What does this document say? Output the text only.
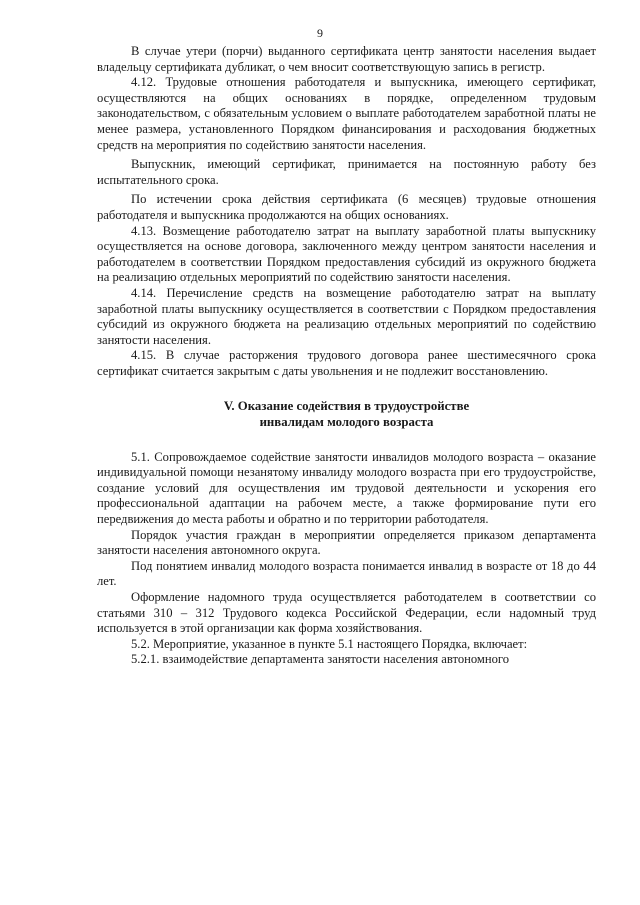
9

В случае утери (порчи) выданного сертификата центр занятости населения выдает владельцу сертификата дубликат, о чем вносит соответствующую запись в регистр.

4.12. Трудовые отношения работодателя и выпускника, имеющего сертификат, осуществляются на общих основаниях в порядке, определенном трудовым законодательством, с обязательным условием о выплате работодателем заработной платы не менее размера, установленного Порядком финансирования и расходования бюджетных средств на мероприятия по содействию занятости населения.

Выпускник, имеющий сертификат, принимается на постоянную работу без испытательного срока.

По истечении срока действия сертификата (6 месяцев) трудовые отношения работодателя и выпускника продолжаются на общих основаниях.

4.13. Возмещение работодателю затрат на выплату заработной платы выпускнику осуществляется на основе договора, заключенного между центром занятости населения и работодателем в соответствии Порядком предоставления субсидий из окружного бюджета на реализацию отдельных мероприятий по содействию занятости населения.

4.14. Перечисление средств на возмещение работодателю затрат на выплату заработной платы выпускнику осуществляется в соответствии с Порядком предоставления субсидий из окружного бюджета на реализацию отдельных мероприятий по содействию занятости населения.

4.15. В случае расторжения трудового договора ранее шестимесячного срока сертификат считается закрытым с даты увольнения и не подлежит восстановлению.

V. Оказание содействия в трудоустройстве
инвалидам молодого возраста

5.1. Сопровождаемое содействие занятости инвалидов молодого возраста – оказание индивидуальной помощи незанятому инвалиду молодого возраста при его трудоустройстве, создание условий для осуществления им трудовой деятельности и ускорения его профессиональной адаптации на рабочем месте, а также формирование пути его передвижения до места работы и обратно и по территории работодателя.

Порядок участия граждан в мероприятии определяется приказом департамента занятости населения автономного округа.

Под понятием инвалид молодого возраста понимается инвалид в возрасте от 18 до 44 лет.

Оформление надомного труда осуществляется работодателем в соответствии со статьями 310 – 312 Трудового кодекса Российской Федерации, если надомный труд используется в этой организации как форма хозяйствования.

5.2. Мероприятие, указанное в пункте 5.1 настоящего Порядка, включает:

5.2.1. взаимодействие департамента занятости населения автономного
